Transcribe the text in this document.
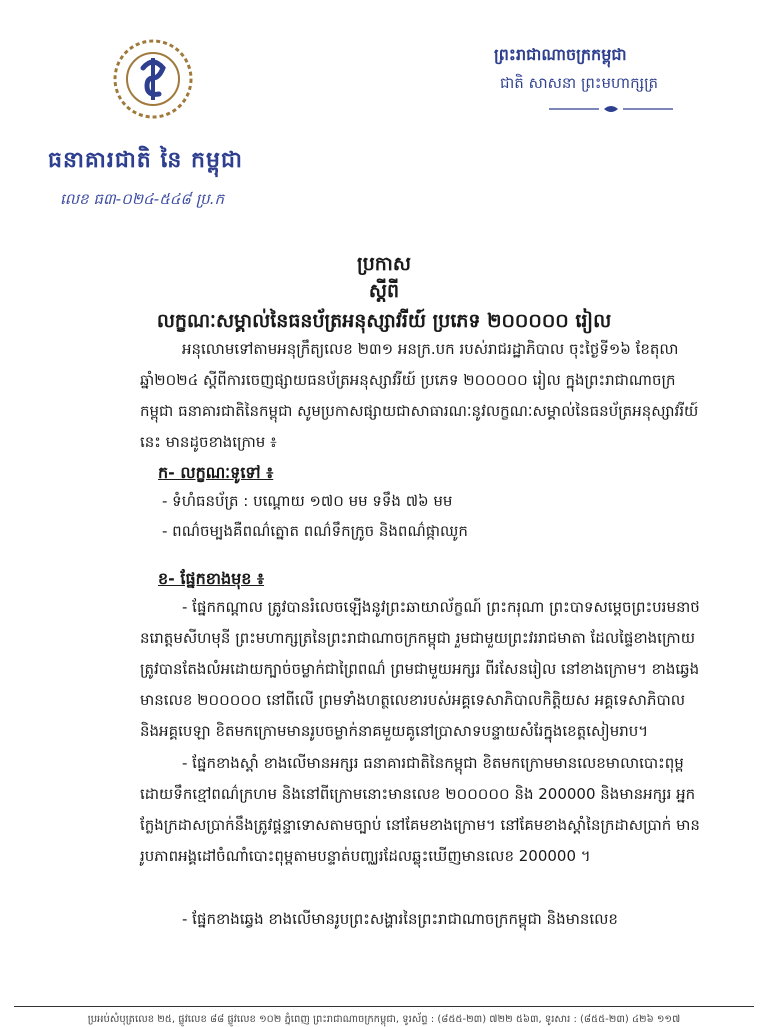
ធនាគារជាតិ នៃ កម្ពុជា
លេខ ធ៣-០២៤-៥៤៨ ប្រ.ក
ព្រះរាជាណាចក្រកម្ពុជា
ជាតិ សាសនា ព្រះមហាក្សត្រ
ប្រកាស
ស្តីពី
លក្ខណៈសម្គាល់នៃធនប័ត្រអនុស្សាវរីយ៍ ប្រភេទ ២០០០០០ រៀល

អនុលោមទៅតាមអនុក្រឹត្យលេខ ២៣១ អនក្រ.បក របស់រាជរដ្ឋាភិបាល ចុះថ្ងៃទី១៦ ខែតុលា ឆ្នាំ២០២៤ ស្តីពីការចេញផ្សាយធនប័ត្រអនុស្សាវរីយ៍ ប្រភេទ ២០០០០០ រៀល ក្នុងព្រះរាជាណាចក្រកម្ពុជា ធនាគារជាតិនៃកម្ពុជា សូមប្រកាសផ្សាយជាសាធារណៈនូវលក្ខណៈសម្គាល់នៃធនប័ត្រអនុស្សាវរីយ៍នេះ មានដូចខាងក្រោម ៖

ក- លក្ខណៈទូទៅ ៖
- ទំហំធនប័ត្រ : បណ្តោយ ១៧០ មម ទទឹង ៧៦ មម
- ពណ៌ចម្បងគឺពណ៌ត្នោត ពណ៌ទឹកក្រូច និងពណ៌ផ្កាឈូក
ខ- ផ្នែកខាងមុខ ៖

- ផ្នែកកណ្តាល ត្រូវបានរំលេចឡើងនូវព្រះឆាយាល័ក្ខណ៍ ព្រះករុណា ព្រះបាទសម្តេចព្រះបរមនាថ នរោត្តមសីហមុនី ព្រះមហាក្សត្រនៃព្រះរាជាណាចក្រកម្ពុជា រួមជាមួយព្រះវររាជមាតា ដែលផ្ទៃខាងក្រោយត្រូវបានតែងលំអដោយក្បាច់ចម្លាក់ជាព្រៃពណ៌ ព្រមជាមួយអក្សរ ពីរសែនរៀល នៅខាងក្រោម។ ខាងឆ្វេងមានលេខ ២០០០០០ នៅពីលើ ព្រមទាំងហត្ថលេខារបស់អគ្គទេសាភិបាលកិត្តិយស អគ្គទេសាភិបាល និងអគ្គបេឡា ខិតមកក្រោមមានរូបចម្លាក់នាគមួយគូនៅប្រាសាទបន្ទាយសំរែក្នុងខេត្តសៀមរាប។

- ផ្នែកខាងស្តាំ ខាងលើមានអក្សរ ធនាគារជាតិនៃកម្ពុជា ខិតមកក្រោមមានលេខមាលាបោះពុម្ពដោយទឹកខ្មៅពណ៌ក្រហម និងនៅពីក្រោមនោះមានលេខ ២០០០០០ និង 200000 និងមានអក្សរ អ្នកក្លែងក្រដាសប្រាក់នឹងត្រូវផ្តន្ទាទោសតាមច្បាប់ នៅគែមខាងក្រោម។ នៅគែមខាងស្តាំនៃក្រដាសប្រាក់ មានរូបភាពអង្គដៅចំណាំបោះពុម្ពតាមបន្ទាត់បញ្ឈរដែលឆ្លុះឃើញមានលេខ 200000 ។

- ផ្នែកខាងឆ្វេង ខាងលើមានរូបព្រះសង្ហារនៃព្រះរាជាណាចក្រកម្ពុជា និងមានលេខ

ប្រអប់សំបុត្រលេខ ២៥, ផ្លូវលេខ ៨៨ ផ្លូវលេខ ១០២ ភ្នំពេញ ព្រះរាជាណាចក្រកម្ពុជា, ទូរស័ព្ទ : (៨៥៥-២៣) ៧២២ ៥៦៣, ទូរសារ : (៨៥៥-២៣) ៤២៦ ១១៧
